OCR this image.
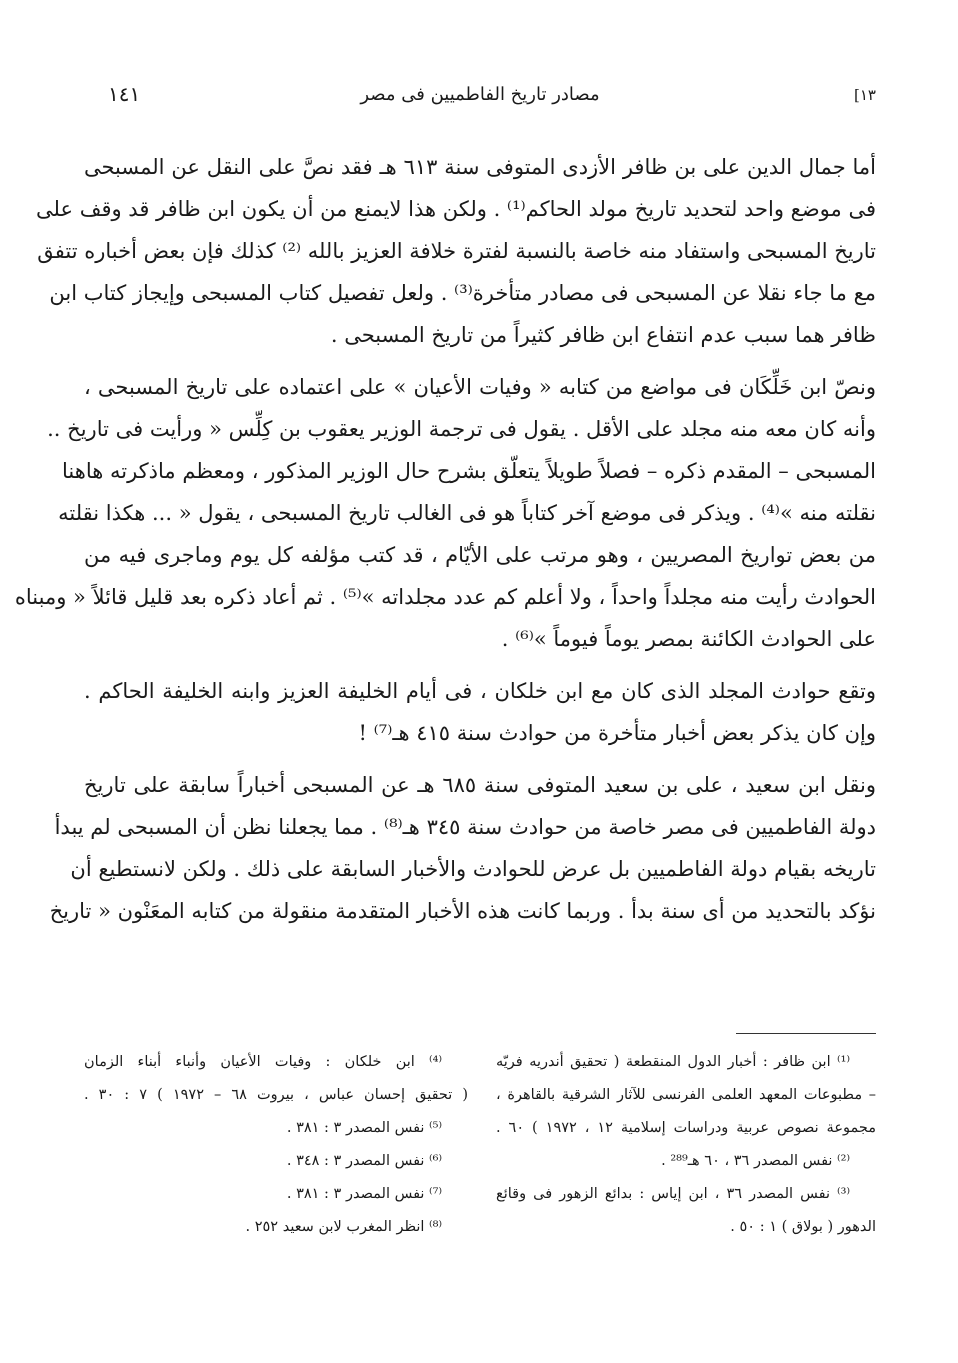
١٣]
مصادر تاريخ الفاطميين فى مصر
١٤١
أما جمال الدين على بن ظافر الأزدى المتوفى سنة ٦١٣ هـ فقد نصَّ على النقل عن المسبحى
فى موضع واحد لتحديد تاريخ مولد الحاكم⁽¹⁾ . ولكن هذا لايمنع من أن يكون ابن ظافر قد وقف على
تاريخ المسبحى واستفاد منه خاصة بالنسبة لفترة خلافة العزيز بالله ⁽²⁾ كذلك فإن بعض أخباره تتفق
مع ما جاء نقلا عن المسبحى فى مصادر متأخرة⁽³⁾ . ولعل تفصيل كتاب المسبحى وإيجاز كتاب ابن
ظافر هما سبب عدم انتفاع ابن ظافر كثيراً من تاريخ المسبحى .
ونصّ ابن خَلِّكَان فى مواضع من كتابه « وفيات الأعيان » على اعتماده على تاريخ المسبحى ،
وأنه كان معه منه مجلد على الأقل . يقول فى ترجمة الوزير يعقوب بن كِلِّس « ورأيت فى تاريخ ..
المسبحى – المقدم ذكره – فصلاً طويلاً يتعلّق بشرح حال الوزير المذكور ، ومعظم ماذكرته هاهنا
نقلته منه »⁽⁴⁾ . ويذكر فى موضع آخر كتاباً هو فى الغالب تاريخ المسبحى ، يقول « ... هكذا نقلته
من بعض تواريخ المصريين ، وهو مرتب على الأيّام ، قد كتب مؤلفه كل يوم وماجرى فيه من
الحوادث رأيت منه مجلداً واحداً ، ولا أعلم كم عدد مجلداته »⁽⁵⁾ . ثم أعاد ذكره بعد قليل قائلاً « ومبناه
على الحوادث الكائنة بمصر يوماً فيوماً »⁽⁶⁾ .
وتقع حوادث المجلد الذى كان مع ابن خلكان ، فى أيام الخليفة العزيز وابنه الخليفة الحاكم .
وإن كان يذكر بعض أخبار متأخرة من حوادث سنة ٤١٥ هـ⁽⁷⁾ !
ونقل ابن سعيد ، على بن سعيد المتوفى سنة ٦٨٥ هـ عن المسبحى أخباراً سابقة على تاريخ
دولة الفاطميين فى مصر خاصة من حوادث سنة ٣٤٥ هـ⁽⁸⁾ . مما يجعلنا نظن أن المسبحى لم يبدأ
تاريخه بقيام دولة الفاطميين بل عرض للحوادث والأخبار السابقة على ذلك . ولكن لانستطيع أن
نؤكد بالتحديد من أى سنة بدأ . وربما كانت هذه الأخبار المتقدمة منقولة من كتابه المعَنْون « تاريخ
⁽¹⁾ ابن ظافر : أخبار الدول المنقطعة ( تحقيق أندريه فريّه
– مطبوعات المعهد العلمى الفرنسى للآثار الشرقية بالقاهرة ،
مجموعة نصوص عربية ودراسات إسلامية ١٢ ، ١٩٧٢ ) ٦٠ .
⁽²⁾ نفس المصدر ٣٦ ، ٦٠ هـ²⁸⁹ .
⁽³⁾ نفس المصدر ٣٦ ، ابن إياس : بدائع الزهور فى وقائع
الدهور ( بولاق ) ١ : ٥٠ .
⁽⁴⁾ ابن خلكان : وفيات الأعيان وأنباء أبناء الزمان
( تحقيق إحسان عباس ، بيروت ٦٨ – ١٩٧٢ ) ٧ : ٣٠ .
⁽⁵⁾ نفس المصدر ٣ : ٣٨١ .
⁽⁶⁾ نفس المصدر ٣ : ٣٤٨ .
⁽⁷⁾ نفس المصدر ٣ : ٣٨١ .
⁽⁸⁾ انظر المغرب لابن سعيد ٢٥٢ .
